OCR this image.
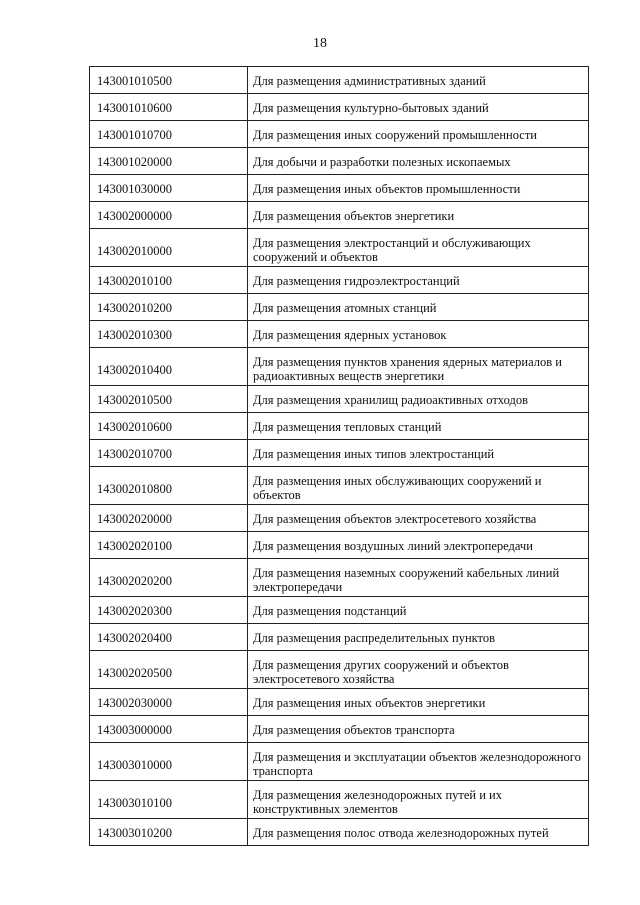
18
143001010500	Для размещения административных зданий
143001010600	Для размещения культурно-бытовых зданий
143001010700	Для размещения иных сооружений промышленности
143001020000	Для добычи и разработки полезных ископаемых
143001030000	Для размещения иных объектов промышленности
143002000000	Для размещения объектов энергетики
143002010000	Для размещения электростанций и обслуживающих сооружений и объектов
143002010100	Для размещения гидроэлектростанций
143002010200	Для размещения атомных станций
143002010300	Для размещения ядерных установок
143002010400	Для размещения пунктов хранения ядерных материалов и радиоактивных веществ энергетики
143002010500	Для размещения хранилищ радиоактивных отходов
143002010600	Для размещения тепловых станций
143002010700	Для размещения иных типов электростанций
143002010800	Для размещения иных обслуживающих сооружений и объектов
143002020000	Для размещения объектов электросетевого хозяйства
143002020100	Для размещения воздушных линий электропередачи
143002020200	Для размещения наземных сооружений кабельных линий электропередачи
143002020300	Для размещения подстанций
143002020400	Для размещения распределительных пунктов
143002020500	Для размещения других сооружений и объектов электросетевого хозяйства
143002030000	Для размещения иных объектов энергетики
143003000000	Для размещения объектов транспорта
143003010000	Для размещения и эксплуатации объектов железнодорожного транспорта
143003010100	Для размещения железнодорожных путей и их конструктивных элементов
143003010200	Для размещения полос отвода железнодорожных путей
